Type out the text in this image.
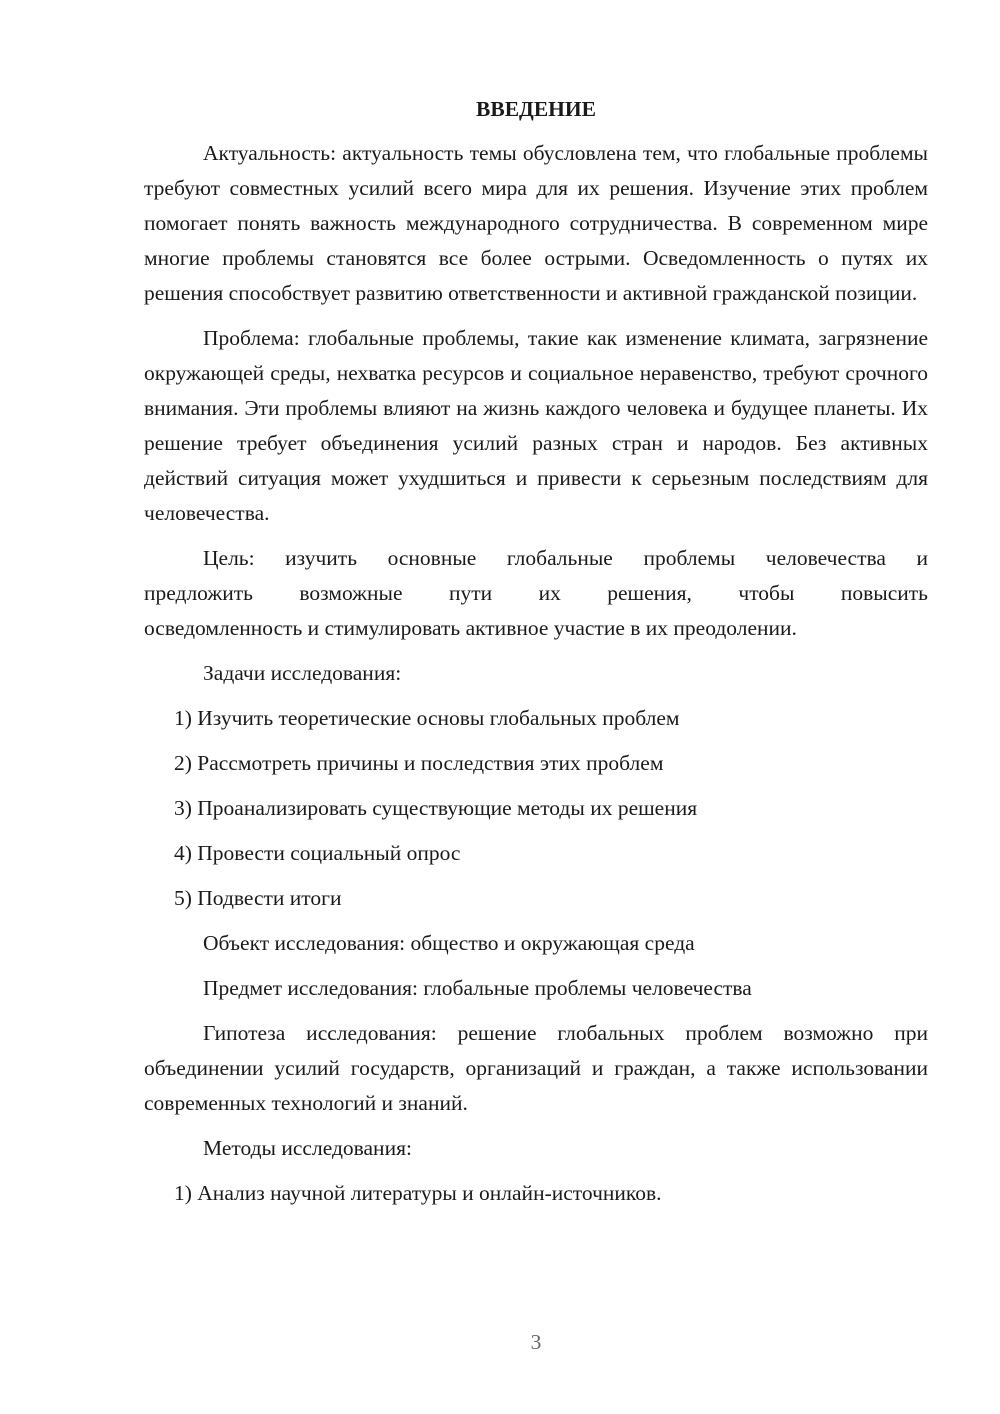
ВВЕДЕНИЕ
Актуальность: актуальность темы обусловлена тем, что глобальные проблемы требуют совместных усилий всего мира для их решения. Изучение этих проблем помогает понять важность международного сотрудничества. В современном мире многие проблемы становятся все более острыми. Осведомленность о путях их решения способствует развитию ответственности и активной гражданской позиции.
Проблема: глобальные проблемы, такие как изменение климата, загрязнение окружающей среды, нехватка ресурсов и социальное неравенство, требуют срочного внимания. Эти проблемы влияют на жизнь каждого человека и будущее планеты. Их решение требует объединения усилий разных стран и народов. Без активных действий ситуация может ухудшиться и привести к серьезным последствиям для человечества.
Цель: изучить основные глобальные проблемы человечества и
предложить возможные пути их решения, чтобы повысить
осведомленность и стимулировать активное участие в их преодолении.
Задачи исследования:
1) Изучить теоретические основы глобальных проблем
2) Рассмотреть причины и последствия этих проблем
3) Проанализировать существующие методы их решения
4) Провести социальный опрос
5) Подвести итоги
Объект исследования: общество и окружающая среда
Предмет исследования: глобальные проблемы человечества
Гипотеза исследования: решение глобальных проблем возможно при объединении усилий государств, организаций и граждан, а также использовании современных технологий и знаний.
Методы исследования:
1) Анализ научной литературы и онлайн-источников.
3
